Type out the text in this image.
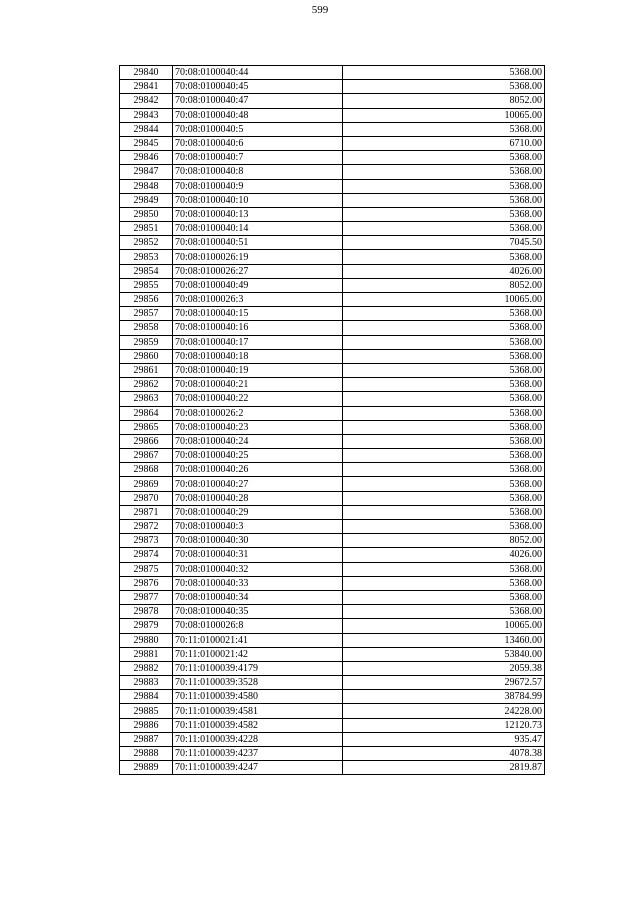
599
29840	70:08:0100040:44	5368.00
29841	70:08:0100040:45	5368.00
29842	70:08:0100040:47	8052.00
29843	70:08:0100040:48	10065.00
29844	70:08:0100040:5	5368.00
29845	70:08:0100040:6	6710.00
29846	70:08:0100040:7	5368.00
29847	70:08:0100040:8	5368.00
29848	70:08:0100040:9	5368.00
29849	70:08:0100040:10	5368.00
29850	70:08:0100040:13	5368.00
29851	70:08:0100040:14	5368.00
29852	70:08:0100040:51	7045.50
29853	70:08:0100026:19	5368.00
29854	70:08:0100026:27	4026.00
29855	70:08:0100040:49	8052.00
29856	70:08:0100026:3	10065.00
29857	70:08:0100040:15	5368.00
29858	70:08:0100040:16	5368.00
29859	70:08:0100040:17	5368.00
29860	70:08:0100040:18	5368.00
29861	70:08:0100040:19	5368.00
29862	70:08:0100040:21	5368.00
29863	70:08:0100040:22	5368.00
29864	70:08:0100026:2	5368.00
29865	70:08:0100040:23	5368.00
29866	70:08:0100040:24	5368.00
29867	70:08:0100040:25	5368.00
29868	70:08:0100040:26	5368.00
29869	70:08:0100040:27	5368.00
29870	70:08:0100040:28	5368.00
29871	70:08:0100040:29	5368.00
29872	70:08:0100040:3	5368.00
29873	70:08:0100040:30	8052.00
29874	70:08:0100040:31	4026.00
29875	70:08:0100040:32	5368.00
29876	70:08:0100040:33	5368.00
29877	70:08:0100040:34	5368.00
29878	70:08:0100040:35	5368.00
29879	70:08:0100026:8	10065.00
29880	70:11:0100021:41	13460.00
29881	70:11:0100021:42	53840.00
29882	70:11:0100039:4179	2059.38
29883	70:11:0100039:3528	29672.57
29884	70:11:0100039:4580	38784.99
29885	70:11:0100039:4581	24228.00
29886	70:11:0100039:4582	12120.73
29887	70:11:0100039:4228	935.47
29888	70:11:0100039:4237	4078.38
29889	70:11:0100039:4247	2819.87
